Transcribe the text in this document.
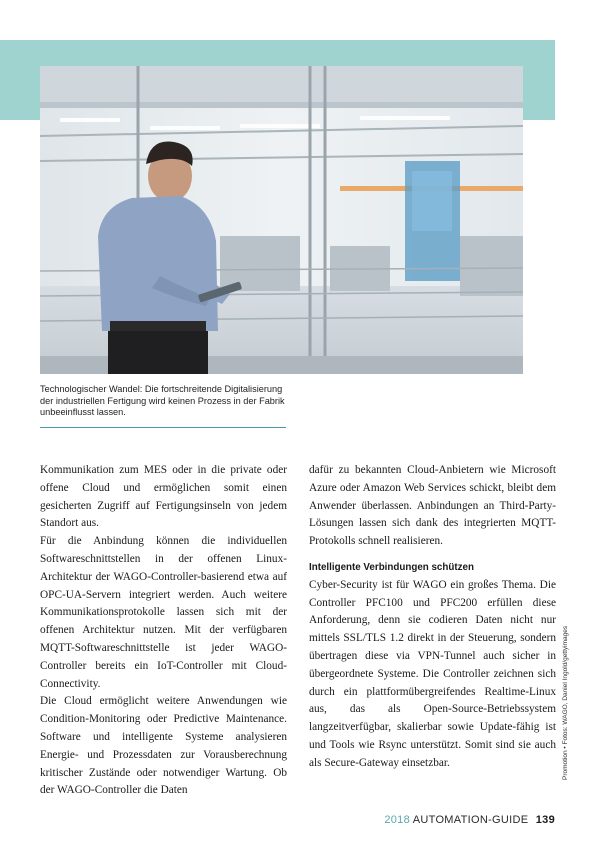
Technologischer Wandel: Die fortschreitende Digitalisierung der industriellen Fertigung wird keinen Prozess in der Fabrik unbeeinflusst lassen.

Kommunikation zum MES oder in die private oder offene Cloud und ermöglichen somit einen gesicherten Zugriff auf Fertigungsinseln von jedem Standort aus.

Für die Anbindung können die individuellen Softwareschnittstellen in der offenen Linux-Architektur der WAGO-Controller-basierend etwa auf OPC-UA-Servern integriert werden. Auch weitere Kommunikationsprotokolle lassen sich mit der offenen Architektur nutzen. Mit der verfügbaren MQTT-Softwareschnittstelle ist jeder WAGO-Controller bereits ein IoT-Controller mit Cloud-Connectivity.

Die Cloud ermöglicht weitere Anwendungen wie Condition-Monitoring oder Predictive Maintenance. Software und intelligente Systeme analysieren Energie- und Prozessdaten zur Vorausberechnung kritischer Zustände oder notwendiger Wartung. Ob der WAGO-Controller die Daten

dafür zu bekannten Cloud-Anbietern wie Microsoft Azure oder Amazon Web Services schickt, bleibt dem Anwender überlassen. Anbindungen an Third-Party-Lösungen lassen sich dank des integrierten MQTT-Protokolls schnell realisieren.

Intelligente Verbindungen schützen

Cyber-Security ist für WAGO ein großes Thema. Die Controller PFC100 und PFC200 erfüllen diese Anforderung, denn sie codieren Daten nicht nur mittels SSL/TLS 1.2 direkt in der Steuerung, sondern übertragen diese via VPN-Tunnel auch sicher in übergeordnete Systeme. Die Controller zeichnen sich durch ein plattformübergreifendes Realtime-Linux aus, das als Open-Source-Betriebssystem langzeitverfügbar, skalierbar sowie Update-fähig ist und Tools wie Rsync unterstützt. Somit sind sie auch als Secure-Gateway einsetzbar.	Promotion • Fotos: WAGO, Daniel Ingold/gettyimages
2018 AUTOMATION-GUIDE 139
